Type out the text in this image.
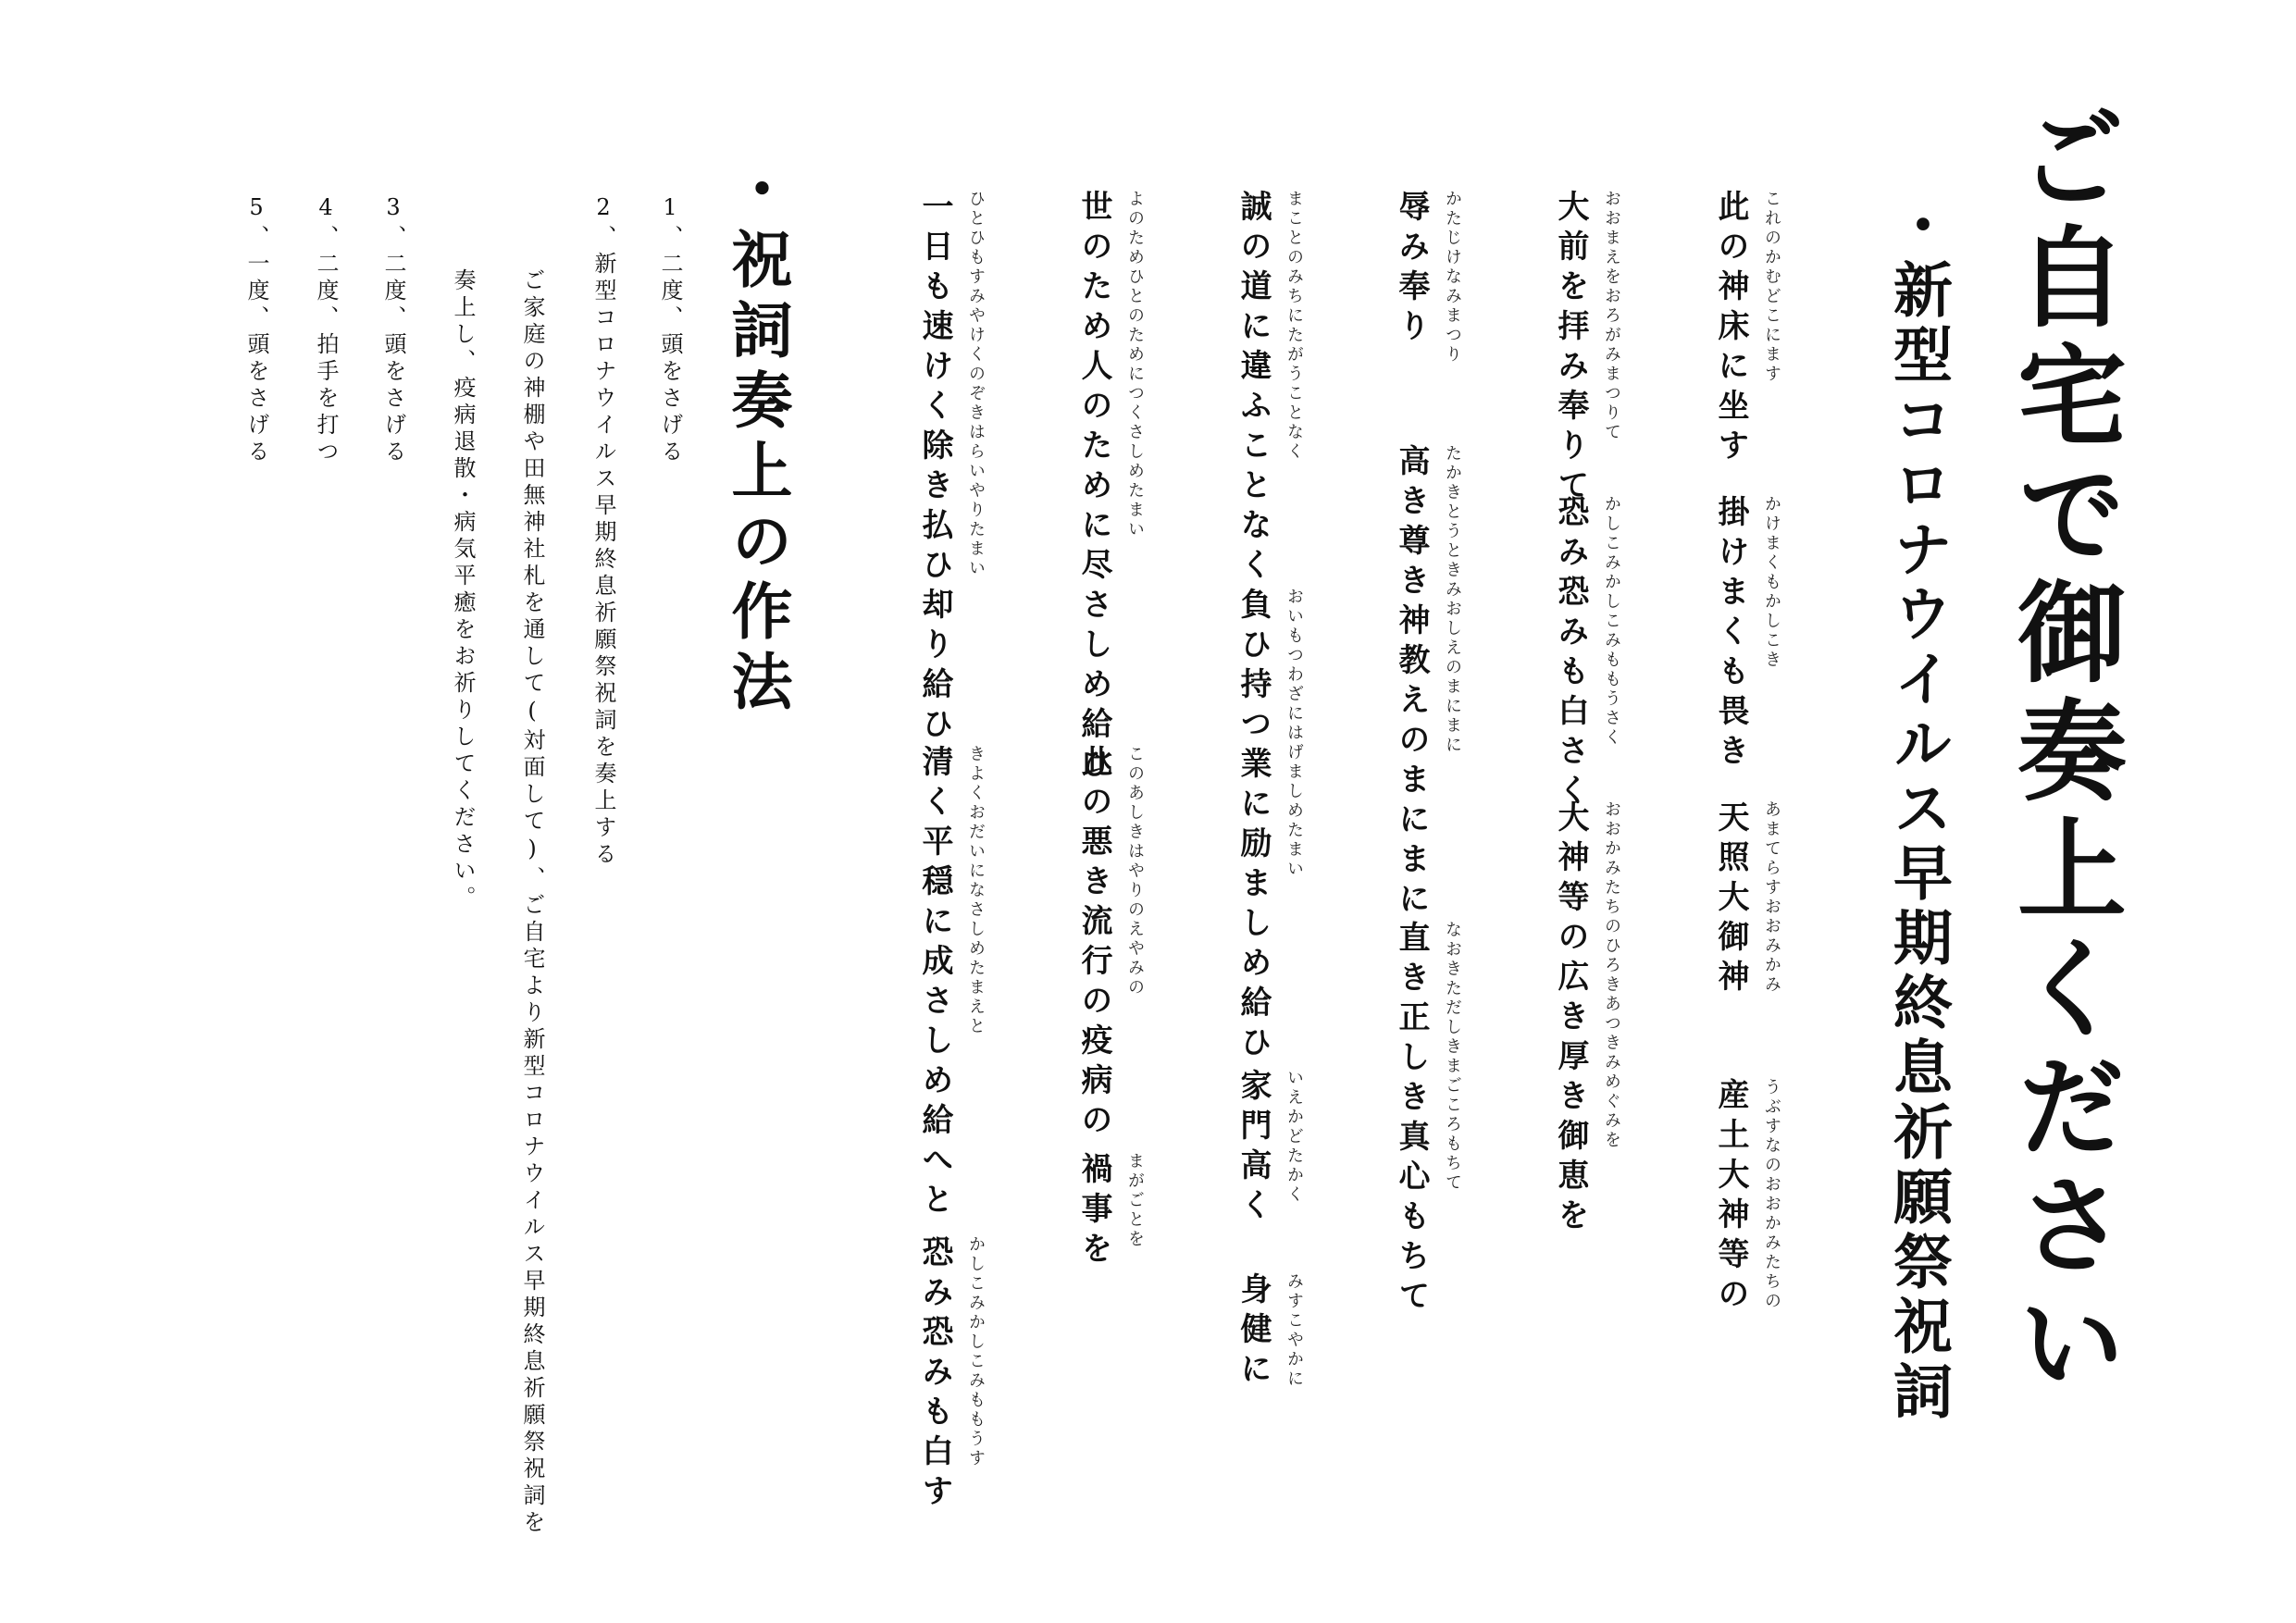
ご自宅で御奏上ください
・新型コロナウイルス早期終息祈願祭祝詞
これのかむどこにます
此の神床に坐す
かけまくもかしこき
掛けまくも畏き
あまてらすおおみかみ
天照大御神
うぶすなのおおかみたちの
産土大神等の
おおまえをおろがみまつりて
大前を拝み奉りて
かしこみかしこみももうさく
恐み恐みも白さく
おおかみたちのひろきあつきみめぐみを
大神等の広き厚き御恵を
かたじけなみまつり
辱み奉り
たかきとうときみおしえのまにまに
高き尊き神教えのまにまに
なおきただしきまごころもちて
直き正しき真心もちて
まことのみちにたがうことなく
誠の道に違ふことなく
おいもつわざにはげましめたまい
負ひ持つ業に励ましめ給ひ
いえかどたかく
家門高く
みすこやかに
身健に
よのためひとのためにつくさしめたまい
世のため人のために尽さしめ給ひ
このあしきはやりのえやみの
此の悪き流行の疫病の
まがごとを
禍事を
ひとひもすみやけくのぞきはらいやりたまい
一日も速けく除き払ひ却り給ひ
きよくおだいになさしめたまえと
清く平穏に成さしめ給へと
かしこみかしこみももうす
恐み恐みも白す
・祝詞奏上の作法
1、二度、頭をさげる
2、新型コロナウイルス早期終息祈願祭祝詞を奏上する
ご家庭の神棚や田無神社札を通して(対面して)、ご自宅より新型コロナウイルス早期終息祈願祭祝詞を
奏上し、疫病退散・病気平癒をお祈りしてください。
3、二度、頭をさげる
4、二度、拍手を打つ
5、一度、頭をさげる
